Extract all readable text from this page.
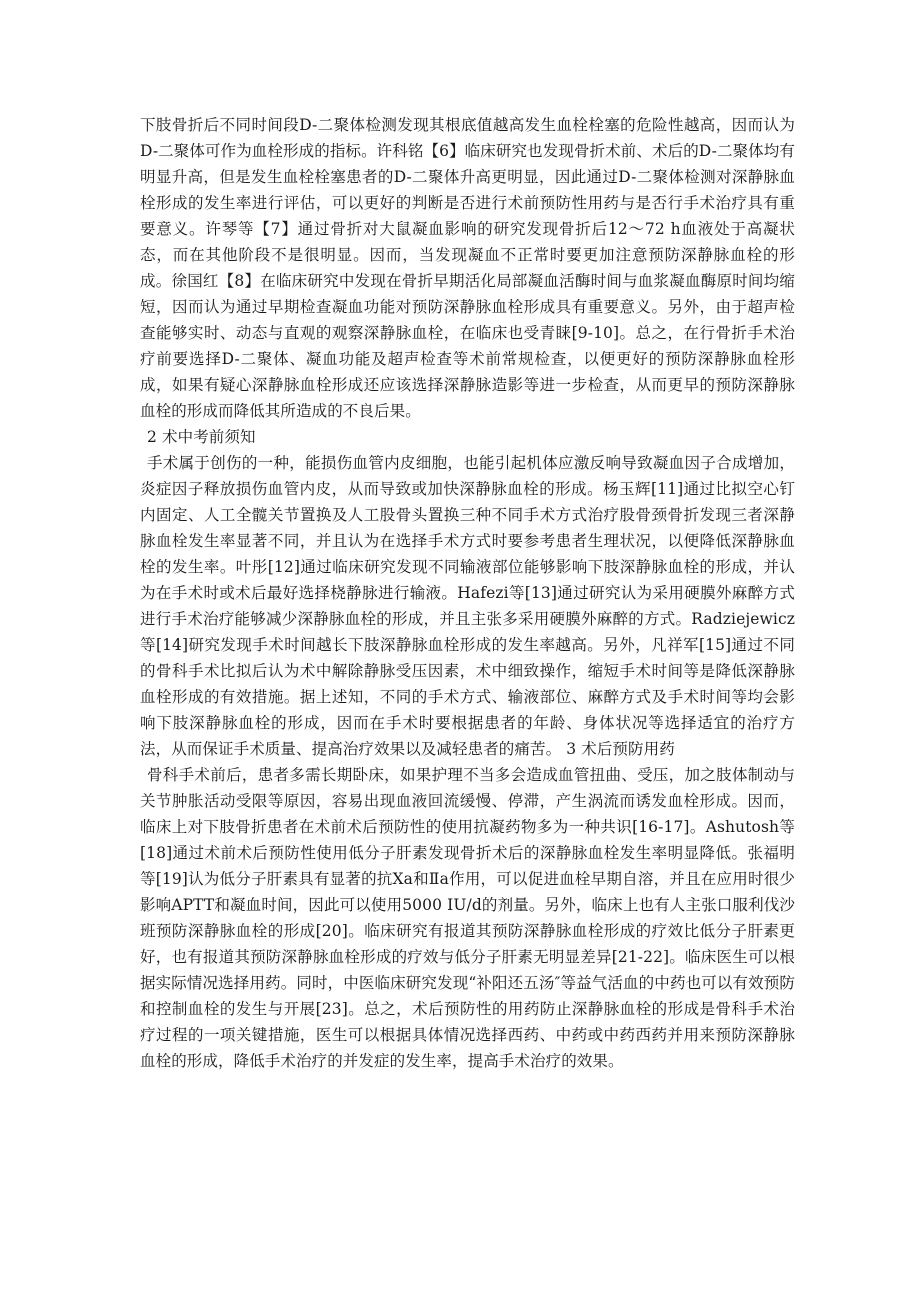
下肢骨折后不同时间段D-二聚体检测发现其根底值越高发生血栓栓塞的危险性越高，因而认为D-二聚体可作为血栓形成的指标。许科铭【6】临床研究也发现骨折术前、术后的D-二聚体均有明显升高，但是发生血栓栓塞患者的D-二聚体升高更明显，因此通过D-二聚体检测对深静脉血栓形成的发生率进行评估，可以更好的判断是否进行术前预防性用药与是否行手术治疗具有重要意义。许琴等【7】通过骨折对大鼠凝血影响的研究发现骨折后12～72 h血液处于高凝状态，而在其他阶段不是很明显。因而，当发现凝血不正常时要更加注意预防深静脉血栓的形成。徐国红【8】在临床研究中发现在骨折早期活化局部凝血活酶时间与血浆凝血酶原时间均缩短，因而认为通过早期检查凝血功能对预防深静脉血栓形成具有重要意义。另外，由于超声检查能够实时、动态与直观的观察深静脉血栓，在临床也受青睐[9-10]。总之，在行骨折手术治疗前要选择D-二聚体、凝血功能及超声检查等术前常规检查，以便更好的预防深静脉血栓形成，如果有疑心深静脉血栓形成还应该选择深静脉造影等进一步检查，从而更早的预防深静脉血栓的形成而降低其所造成的不良后果。

2 术中考前须知

手术属于创伤的一种，能损伤血管内皮细胞，也能引起机体应激反响导致凝血因子合成增加，炎症因子释放损伤血管内皮，从而导致或加快深静脉血栓的形成。杨玉辉[11]通过比拟空心钉内固定、人工全髋关节置换及人工股骨头置换三种不同手术方式治疗股骨颈骨折发现三者深静脉血栓发生率显著不同，并且认为在选择手术方式时要参考患者生理状况，以便降低深静脉血栓的发生率。叶彤[12]通过临床研究发现不同输液部位能够影响下肢深静脉血栓的形成，并认为在手术时或术后最好选择桡静脉进行输液。Hafezi等[13]通过研究认为采用硬膜外麻醉方式进行手术治疗能够减少深静脉血栓的形成，并且主张多采用硬膜外麻醉的方式。Radziejewicz等[14]研究发现手术时间越长下肢深静脉血栓形成的发生率越高。另外，凡祥军[15]通过不同的骨科手术比拟后认为术中解除静脉受压因素，术中细致操作，缩短手术时间等是降低深静脉血栓形成的有效措施。据上述知，不同的手术方式、输液部位、麻醉方式及手术时间等均会影响下肢深静脉血栓的形成，因而在手术时要根据患者的年龄、身体状况等选择适宜的治疗方法，从而保证手术质量、提高治疗效果以及减轻患者的痛苦。 3 术后预防用药

骨科手术前后，患者多需长期卧床，如果护理不当多会造成血管扭曲、受压，加之肢体制动与关节肿胀活动受限等原因，容易出现血液回流缓慢、停滞，产生涡流而诱发血栓形成。因而，临床上对下肢骨折患者在术前术后预防性的使用抗凝药物多为一种共识[16-17]。Ashutosh等[18]通过术前术后预防性使用低分子肝素发现骨折术后的深静脉血栓发生率明显降低。张福明等[19]认为低分子肝素具有显著的抗Xa和Ⅱa作用，可以促进血栓早期自溶，并且在应用时很少影响APTT和凝血时间，因此可以使用5000 IU/d的剂量。另外，临床上也有人主张口服利伐沙班预防深静脉血栓的形成[20]。临床研究有报道其预防深静脉血栓形成的疗效比低分子肝素更好，也有报道其预防深静脉血栓形成的疗效与低分子肝素无明显差异[21-22]。临床医生可以根据实际情况选择用药。同时，中医临床研究发现“补阳还五汤″等益气活血的中药也可以有效预防和控制血栓的发生与开展[23]。总之，术后预防性的用药防止深静脉血栓的形成是骨科手术治疗过程的一项关键措施，医生可以根据具体情况选择西药、中药或中药西药并用来预防深静脉血栓的形成，降低手术治疗的并发症的发生率，提高手术治疗的效果。
